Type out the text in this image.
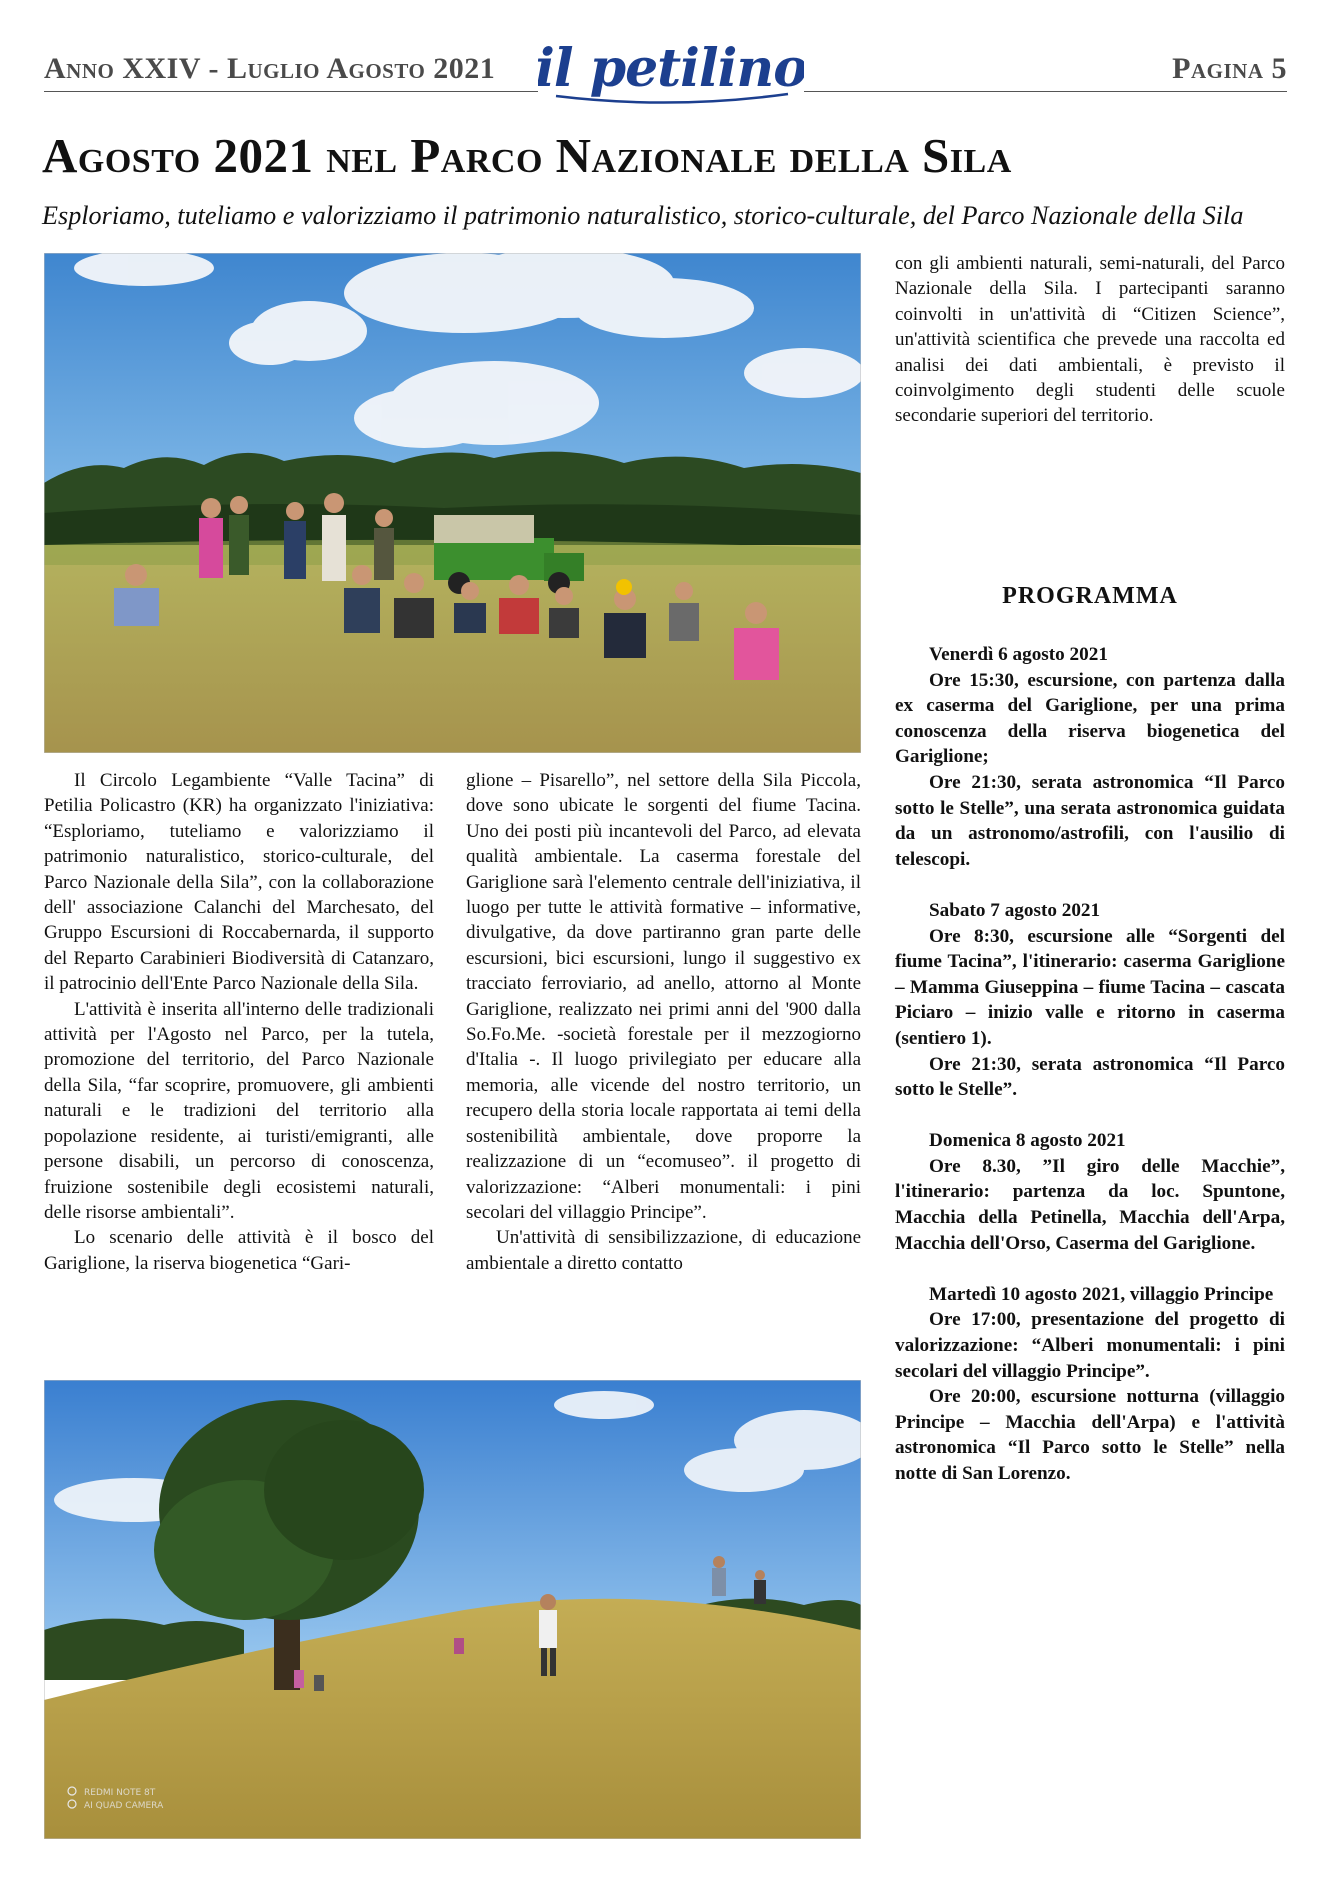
Anno XXIV - Luglio Agosto 2021 il petilino	Pagina 5
Agosto 2021 nel Parco Nazionale della Sila
Esploriamo, tuteliamo e valorizziamo il patrimonio naturalistico, storico-culturale, del Parco Nazionale della Sila

Il Circolo Legambiente “Valle Tacina” di Petilia Policastro (KR) ha organizzato l'iniziativa: “Esploriamo, tuteliamo e valorizziamo il patrimonio naturalistico, storico-culturale, del Parco Nazionale della Sila”, con la collaborazione dell' associazione Calanchi del Marchesato, del Gruppo Escursioni di Roccabernarda, il supporto del Reparto Carabinieri Biodiversità di Catanzaro, il patrocinio dell'Ente Parco Nazionale della Sila.

L'attività è inserita all'interno delle tradizionali attività per l'Agosto nel Parco, per la tutela, promozione del territorio, del Parco Nazionale della Sila, “far scoprire, promuovere, gli ambienti naturali e le tradizioni del territorio alla popolazione residente, ai turisti/emigranti, alle persone disabili, un percorso di conoscenza, fruizione sostenibile degli ecosistemi naturali, delle risorse ambientali”.

Lo scenario delle attività è il bosco del Gariglione, la riserva biogenetica “Gari-

glione – Pisarello”, nel settore della Sila Piccola, dove sono ubicate le sorgenti del fiume Tacina. Uno dei posti più incantevoli del Parco, ad elevata qualità ambientale. La caserma forestale del Gariglione sarà l'elemento centrale dell'iniziativa, il luogo per tutte le attività formative – informative, divulgative, da dove partiranno gran parte delle escursioni, bici escursioni, lungo il suggestivo ex tracciato ferroviario, ad anello, attorno al Monte Gariglione, realizzato nei primi anni del '900 dalla So.Fo.Me. -società forestale per il mezzogiorno d'Italia -. Il luogo privilegiato per educare alla memoria, alle vicende del nostro territorio, un recupero della storia locale rapportata ai temi della sostenibilità ambientale, dove proporre la realizzazione di un “ecomuseo”. il progetto di valorizzazione: “Alberi monumentali: i pini secolari del villaggio Principe”.

Un'attività di sensibilizzazione, di educazione ambientale a diretto contatto

con gli ambienti naturali, semi-naturali, del Parco Nazionale della Sila. I partecipanti saranno coinvolti in un'attività di “Citizen Science”, un'attività scientifica che prevede una raccolta ed analisi dei dati ambientali, è previsto il coinvolgimento degli studenti delle scuole secondarie superiori del territorio.

PROGRAMMA

Venerdì 6 agosto 2021

Ore 15:30, escursione, con partenza dalla ex caserma del Gariglione, per una prima conoscenza della riserva biogenetica del Gariglione;

Ore 21:30, serata astronomica “Il Parco sotto le Stelle”, una serata astronomica guidata da un astronomo/astrofili, con l'ausilio di telescopi.

Sabato 7 agosto 2021

Ore 8:30, escursione alle “Sorgenti del fiume Tacina”, l'itinerario: caserma Gariglione – Mamma Giuseppina – fiume Tacina – cascata Piciaro – inizio valle e ritorno in caserma (sentiero 1).

Ore 21:30, serata astronomica “Il Parco sotto le Stelle”.

Domenica 8 agosto 2021

Ore 8.30, ”Il giro delle Macchie”, l'itinerario: partenza da loc. Spuntone, Macchia della Petinella, Macchia dell'Arpa, Macchia dell'Orso, Caserma del Gariglione.

Martedì 10 agosto 2021, villaggio Principe

Ore 17:00, presentazione del progetto di valorizzazione: “Alberi monumentali: i pini secolari del villaggio Principe”.

Ore 20:00, escursione notturna (villaggio Principe – Macchia dell'Arpa) e l'attività astronomica “Il Parco sotto le Stelle” nella notte di San Lorenzo.

REDMI NOTE 8T
AI QUAD CAMERA
